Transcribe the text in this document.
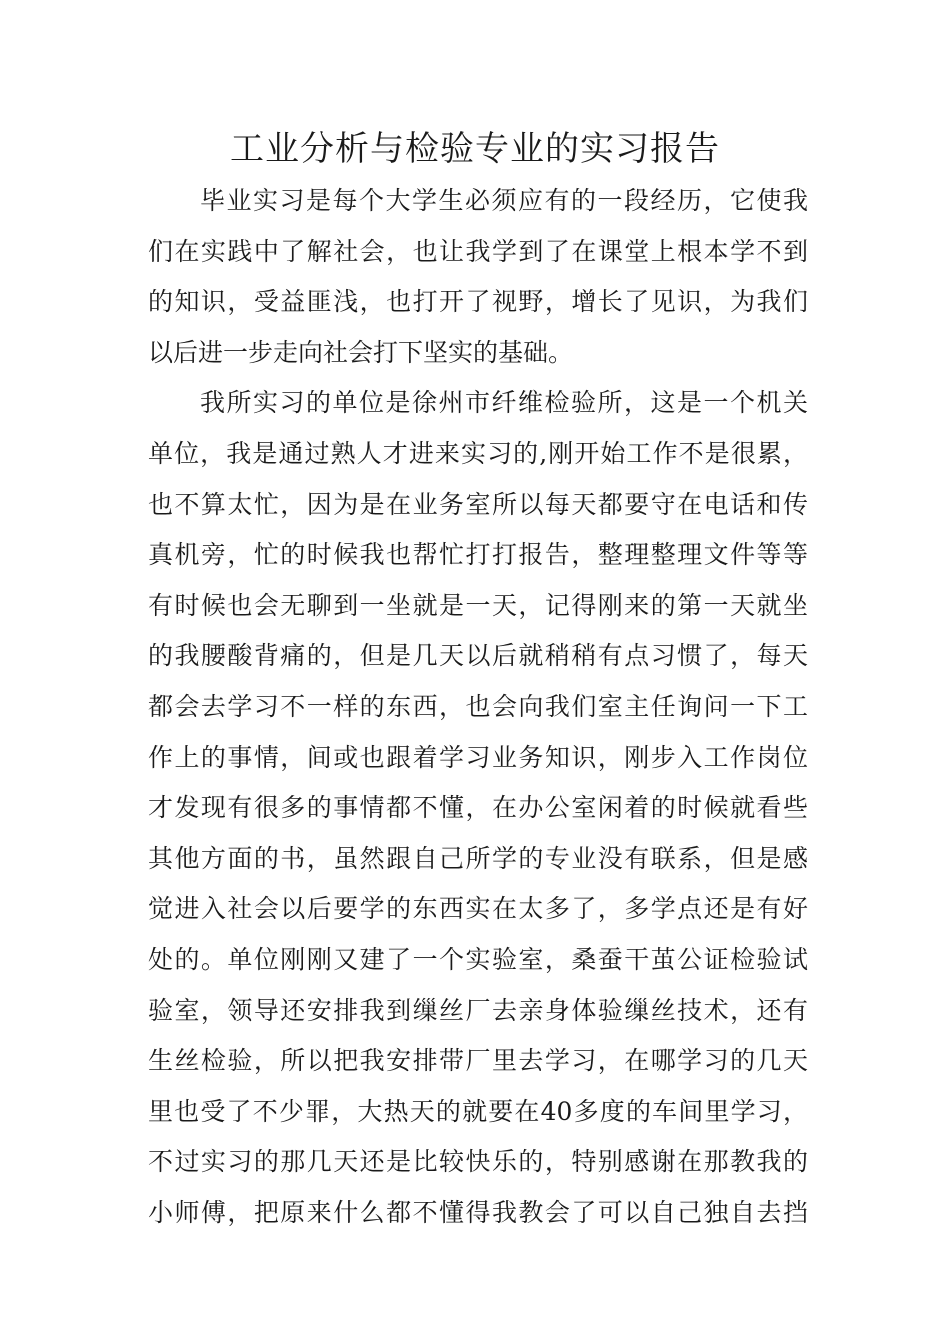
工业分析与检验专业的实习报告
毕业实习是每个大学生必须应有的一段经历，它使我
们在实践中了解社会，也让我学到了在课堂上根本学不到
的知识，受益匪浅，也打开了视野，增长了见识，为我们
以后进一步走向社会打下坚实的基础。
我所实习的单位是徐州市纤维检验所，这是一个机关
单位，我是通过熟人才进来实习的,刚开始工作不是很累，
也不算太忙，因为是在业务室所以每天都要守在电话和传
真机旁，忙的时候我也帮忙打打报告，整理整理文件等等
有时候也会无聊到一坐就是一天，记得刚来的第一天就坐
的我腰酸背痛的，但是几天以后就稍稍有点习惯了，每天
都会去学习不一样的东西，也会向我们室主任询问一下工
作上的事情，间或也跟着学习业务知识，刚步入工作岗位
才发现有很多的事情都不懂，在办公室闲着的时候就看些
其他方面的书，虽然跟自己所学的专业没有联系，但是感
觉进入社会以后要学的东西实在太多了，多学点还是有好
处的。单位刚刚又建了一个实验室，桑蚕干茧公证检验试
验室，领导还安排我到缫丝厂去亲身体验缫丝技术，还有
生丝检验，所以把我安排带厂里去学习，在哪学习的几天
里也受了不少罪，大热天的就要在40多度的车间里学习，
不过实习的那几天还是比较快乐的，特别感谢在那教我的
小师傅，把原来什么都不懂得我教会了可以自己独自去挡
